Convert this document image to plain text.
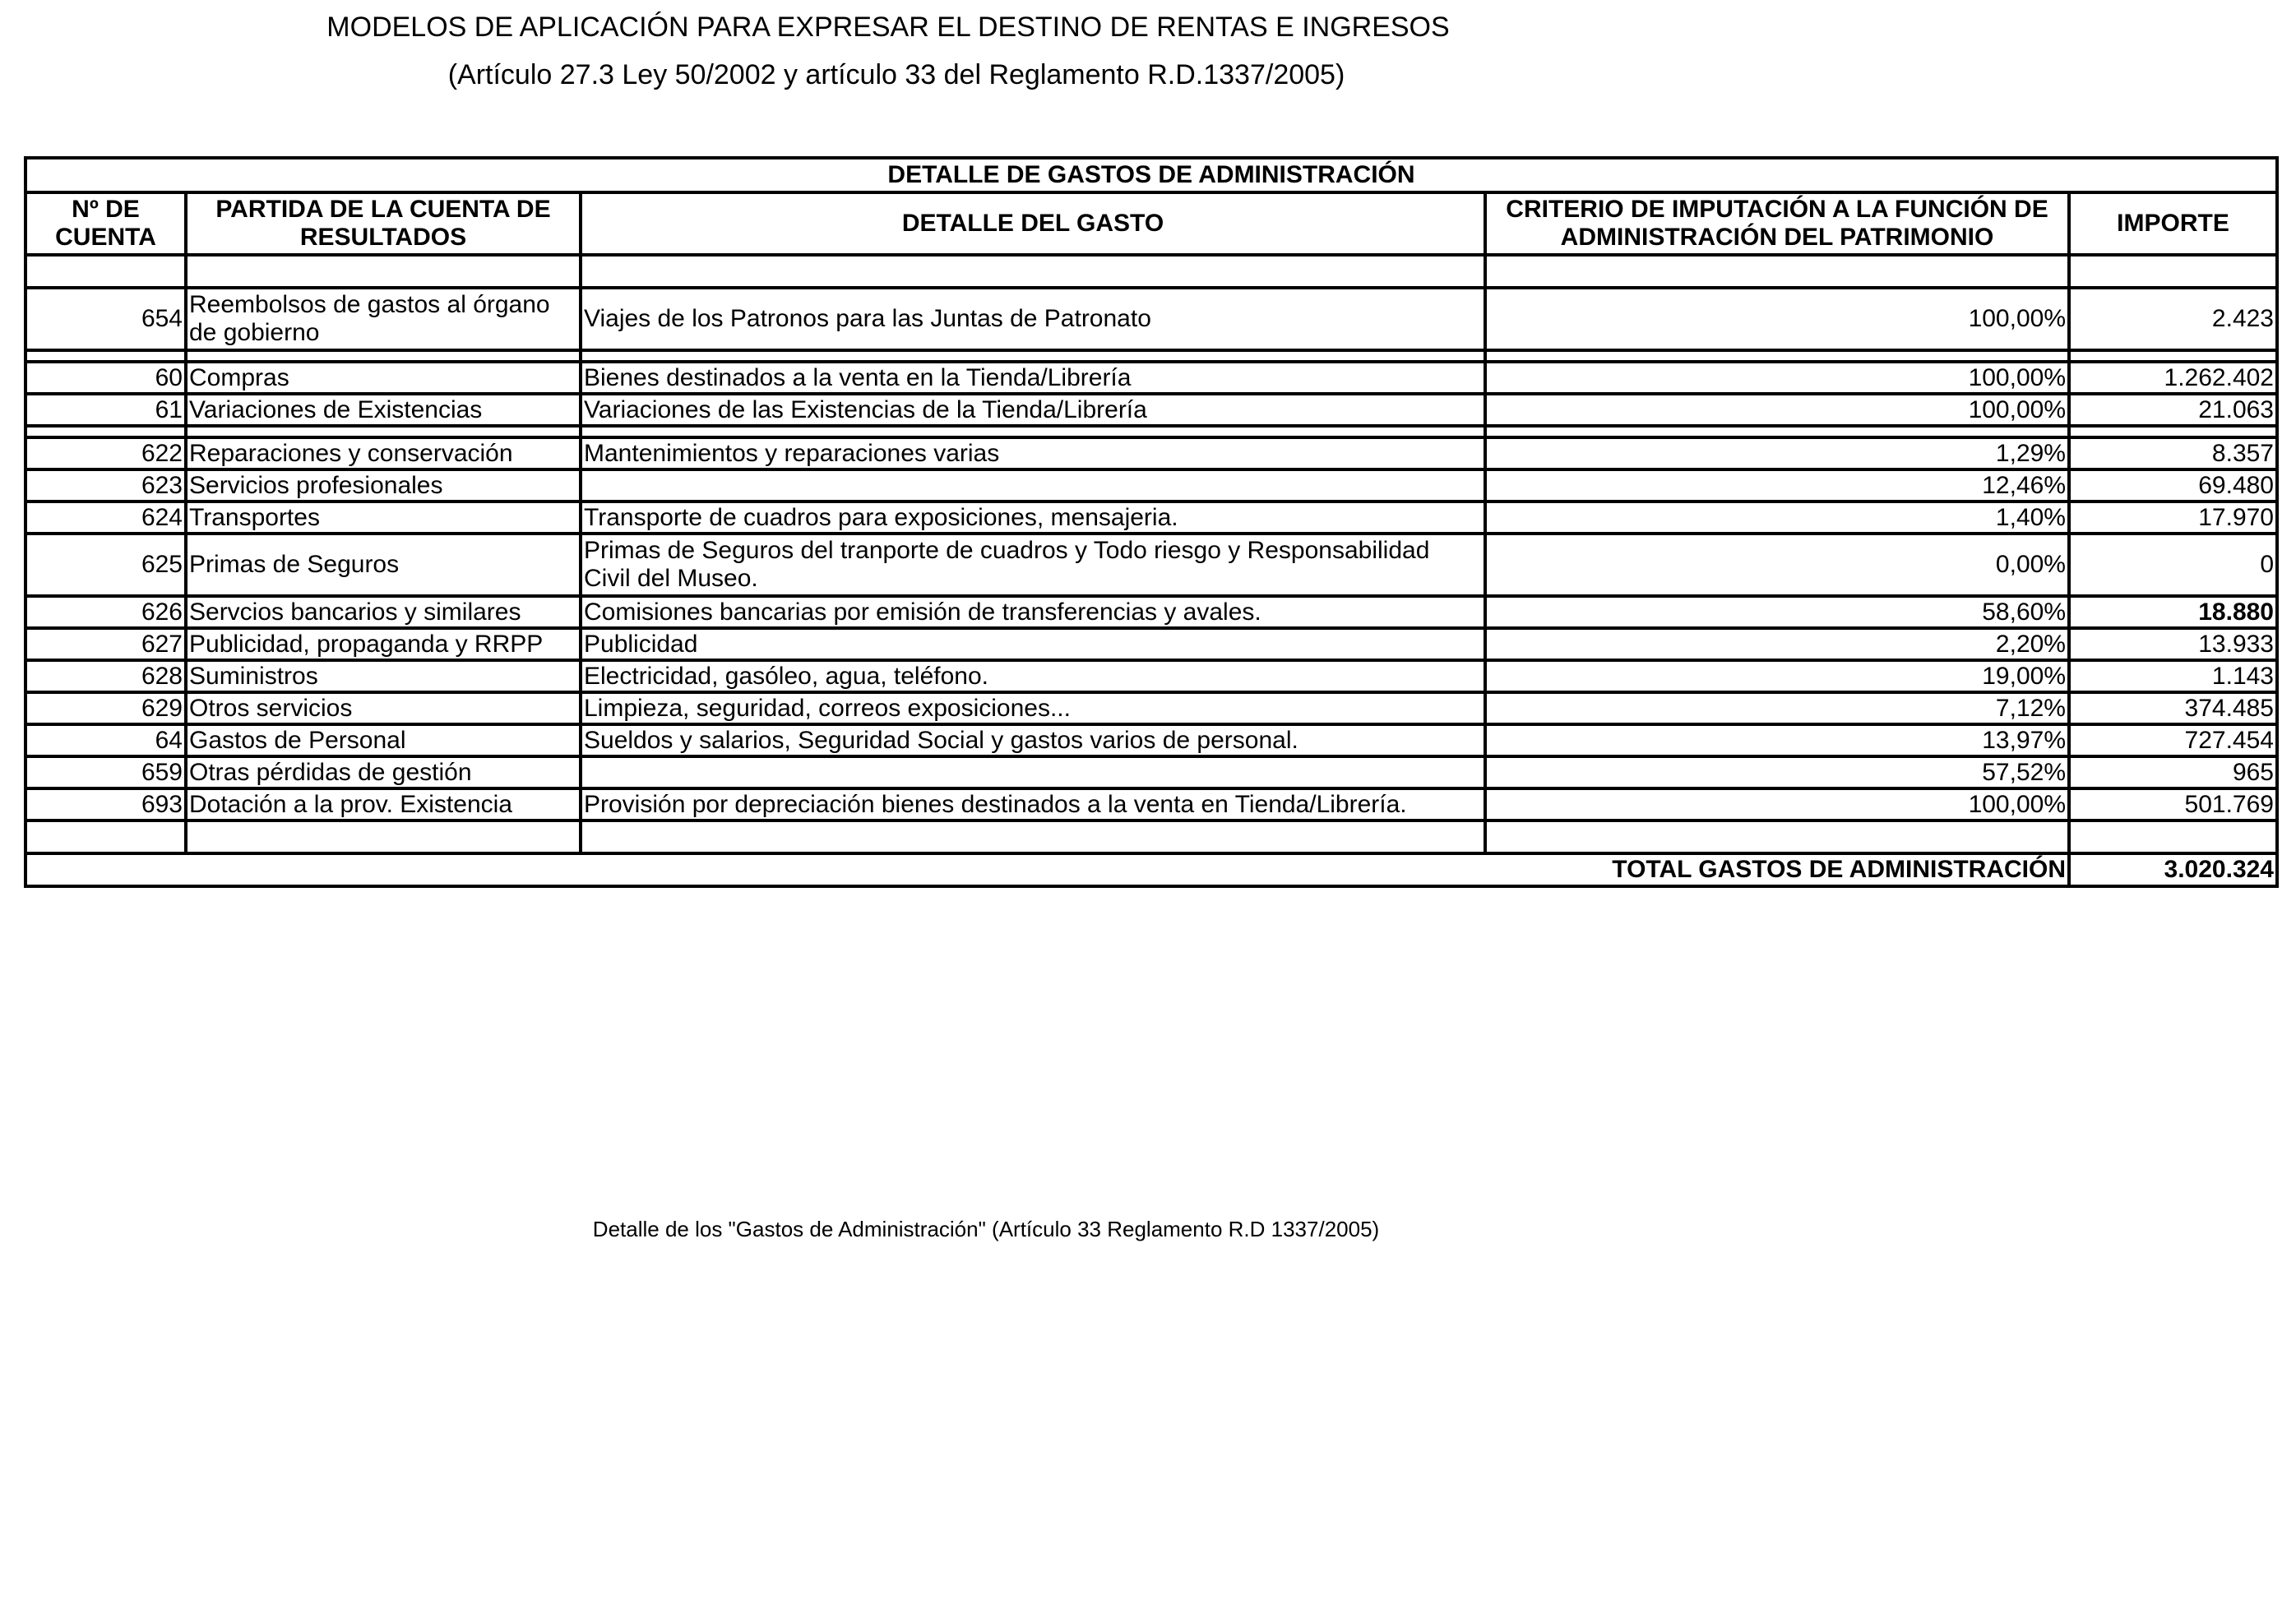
MODELOS DE APLICACIÓN PARA EXPRESAR EL DESTINO DE RENTAS E INGRESOS
(Artículo 27.3 Ley 50/2002 y artículo 33 del Reglamento R.D.1337/2005)
DETALLE DE GASTOS DE ADMINISTRACIÓN				
Nº DE CUENTA	PARTIDA DE LA CUENTA DE RESULTADOS	DETALLE DEL GASTO	CRITERIO DE IMPUTACIÓN A LA FUNCIÓN DE ADMINISTRACIÓN DEL PATRIMONIO	IMPORTE

654	Reembolsos de gastos al órgano de gobierno	Viajes de los Patronos para las Juntas de Patronato	100,00%	2.423

60	Compras	Bienes destinados a la venta en la Tienda/Librería	100,00%	1.262.402
61	Variaciones de Existencias	Variaciones de las Existencias de la Tienda/Librería	100,00%	21.063

622	Reparaciones y conservación	Mantenimientos y reparaciones varias	1,29%	8.357
623	Servicios profesionales		12,46%	69.480
624	Transportes	Transporte de cuadros para exposiciones, mensajeria.	1,40%	17.970
625	Primas de Seguros	Primas de Seguros del tranporte de cuadros y Todo riesgo y Responsabilidad Civil del Museo.	0,00%	0
626	Servcios bancarios y similares	Comisiones bancarias por emisión de transferencias y avales.	58,60%	18.880
627	Publicidad, propaganda y RRPP	Publicidad	2,20%	13.933
628	Suministros	Electricidad, gasóleo, agua, teléfono.	19,00%	1.143
629	Otros servicios	Limpieza, seguridad, correos exposiciones...	7,12%	374.485
64	Gastos de Personal	Sueldos y salarios, Seguridad Social y gastos varios de personal.	13,97%	727.454
659	Otras pérdidas de gestión		57,52%	965
693	Dotación a la prov. Existencia	Provisión por depreciación bienes destinados a la venta en Tienda/Librería.	100,00%	501.769

TOTAL GASTOS DE ADMINISTRACIÓN				3.020.324
Detalle de los "Gastos de Administración" (Artículo 33 Reglamento R.D 1337/2005)
